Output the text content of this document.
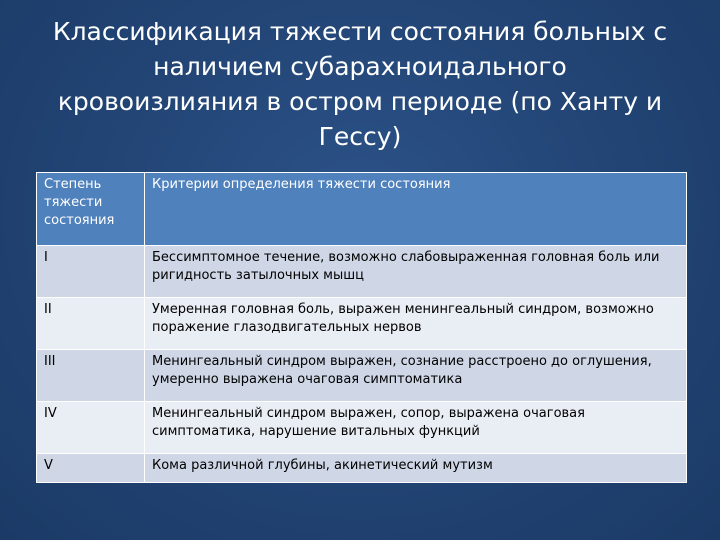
Классификация тяжести состояния больных с
наличием субарахноидального
кровоизлияния в остром периоде (по Ханту и
Гессу)
Степень тяжести состояния	Критерии определения тяжести состояния
I	Бессимптомное течение, возможно слабовыраженная головная боль или ригидность затылочных мышц
II	Умеренная головная боль, выражен менингеальный синдром, возможно поражение глазодвигательных нервов
III	Менингеальный синдром выражен, сознание расстроено до оглушения, умеренно выражена очаговая симптоматика
IV	Менингеальный синдром выражен, сопор, выражена очаговая симптоматика, нарушение витальных функций
V	Кома различной глубины, акинетический мутизм
